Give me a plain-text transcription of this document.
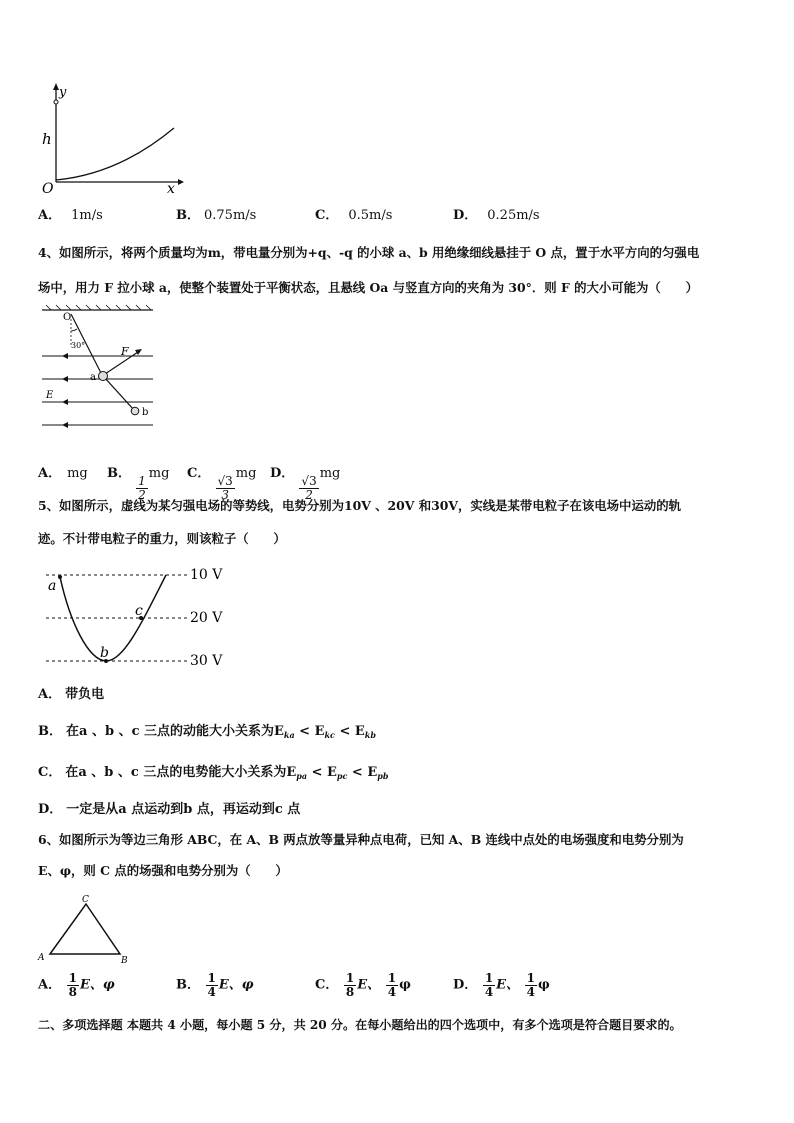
y
h
O	x
A． 1m/s	B． 0.75m/s	C． 0.5m/s	D． 0.25m/s
4、如图所示，将两个质量均为m，带电量分别为+q、-q 的小球 a、b 用绝缘细线悬挂于 O 点，置于水平方向的匀强电
场中，用力 F 拉小球 a，使整个装置处于平衡状态，且悬线 Oa 与竖直方向的夹角为 30°．则 F 的大小可能为（　　）
O
30°	F
a
E
b
A． mg B．
$\frac{1}{2}$
mg C．
$\frac{√3}{3}$
mg D．
$\frac{√3}{2}$
mg
5、如图所示，虚线为某匀强电场的等势线，电势分别为10V 、20V 和30V，实线是某带电粒子在该电场中运动的轨
迹。不计带电粒子的重力，则该粒子（　　）
a
b
c
10 V
20 V
30 V
A． 带负电
B． 在a 、b 、c 三点的动能大小关系为$E_{ka} < E_{kc} < E_{kb}$
C． 在a 、b 、c 三点的电势能大小关系为$E_{pa} < E_{pc} < E_{pb}$
D． 一定是从a 点运动到b 点，再运动到c 点
6、如图所示为等边三角形 ABC，在 A、B 两点放等量异种点电荷，已知 A、B 连线中点处的电场强度和电势分别为
E、φ，则 C 点的场强和电势分别为（　　）
C
A	B
A． $\frac{1}{8}$ E、φ	B． $\frac{1}{4}$ E、φ	C． $\frac{1}{8}$ E、 $\frac{1}{4}$ φ	D． $\frac{1}{4}$ E、 $\frac{1}{4}$ φ
二、多项选择题 本题共 4 小题，每小题 5 分，共 20 分。在每小题给出的四个选项中，有多个选项是符合题目要求的。
